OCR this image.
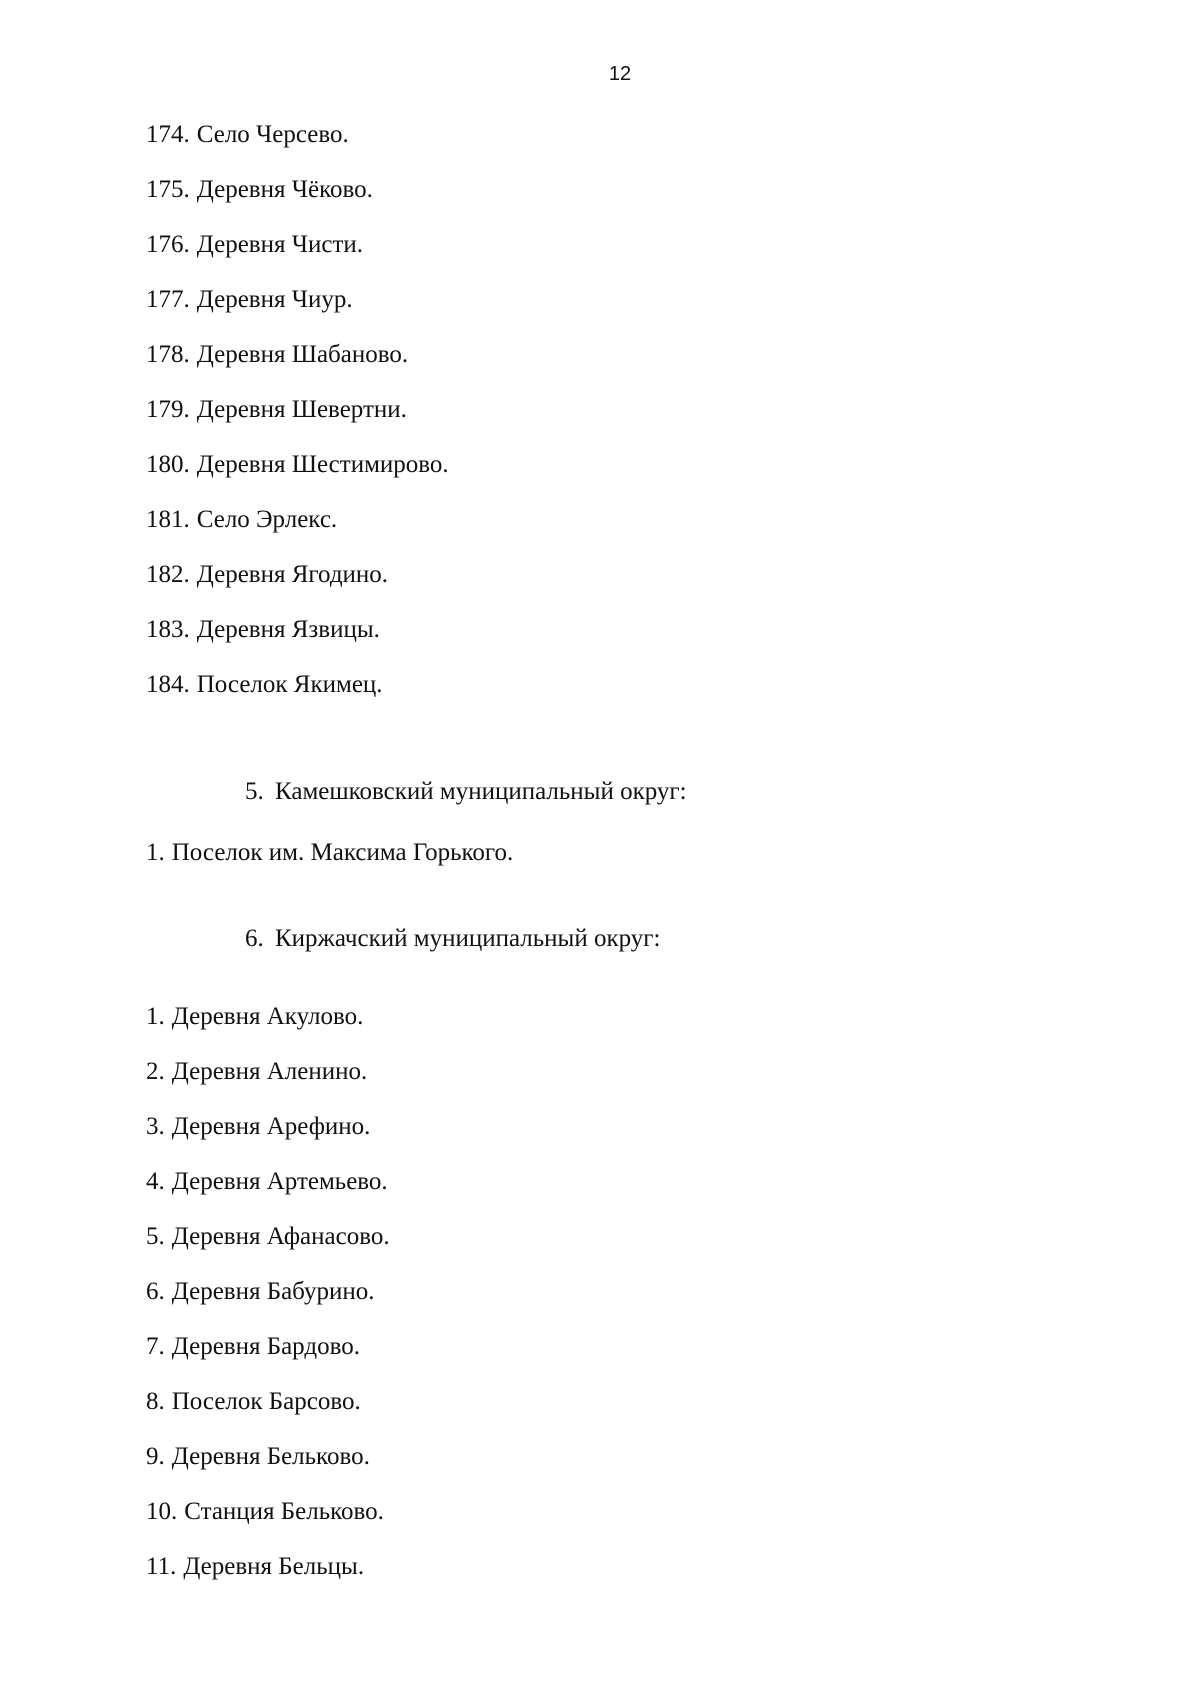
12
174. Село Черсево.
175. Деревня Чёково.
176. Деревня Чисти.
177. Деревня Чиур.
178. Деревня Шабаново.
179. Деревня Шевертни.
180. Деревня Шестимирово.
181. Село Эрлекс.
182. Деревня Ягодино.
183. Деревня Язвицы.
184. Поселок Якимец.
5. Камешковский муниципальный округ:
1. Поселок им. Максима Горького.
6. Киржачский муниципальный округ:
1. Деревня Акулово.
2. Деревня Аленино.
3. Деревня Арефино.
4. Деревня Артемьево.
5. Деревня Афанасово.
6. Деревня Бабурино.
7. Деревня Бардово.
8. Поселок Барсово.
9. Деревня Бельково.
10. Станция Бельково.
11. Деревня Бельцы.
